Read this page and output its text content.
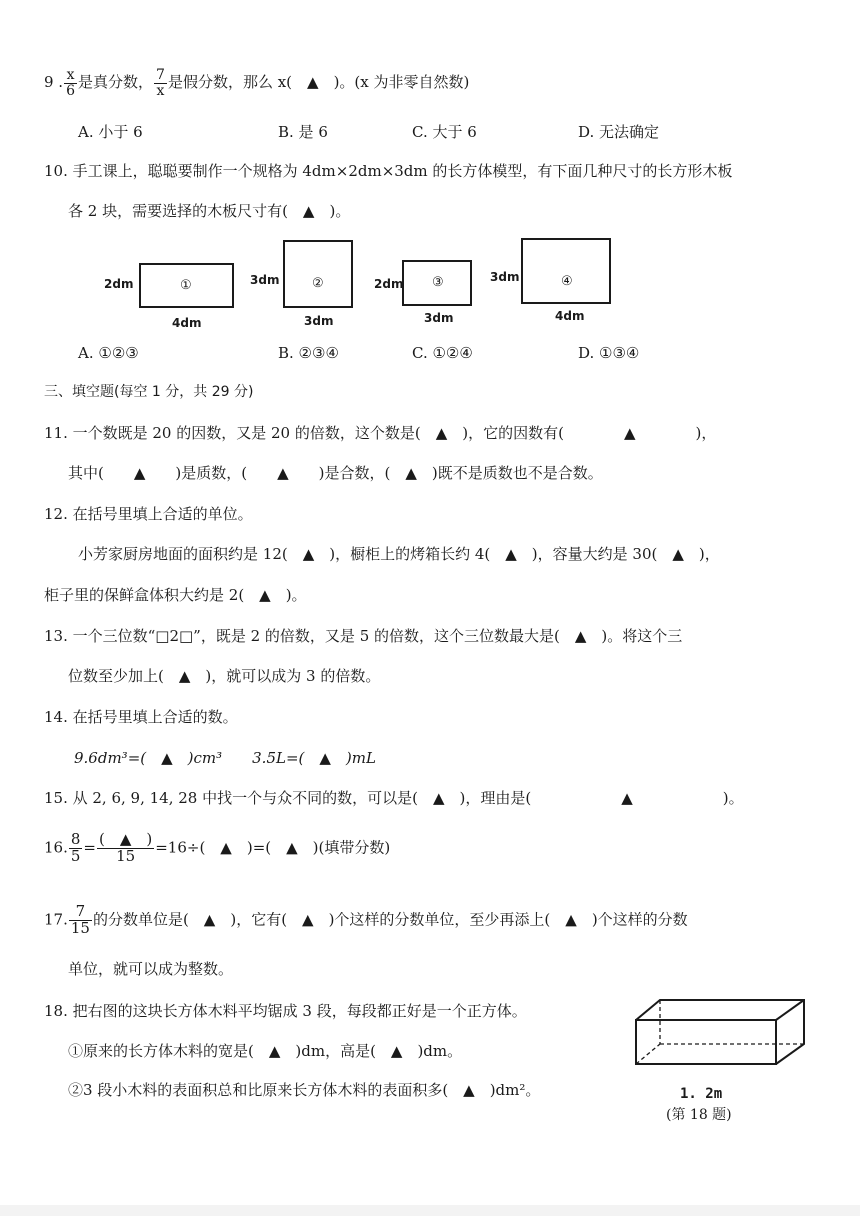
9 . $\frac{x}{6}$ 是真分数， $\frac{7}{x}$ 是假分数，那么 x(　▲　)。(x 为非零自然数)
A. 小于 6	B. 是 6	C. 大于 6	D. 无法确定
10. 手工课上，聪聪要制作一个规格为 4dm×2dm×3dm 的长方体模型，有下面几种尺寸的长方形木板
各 2 块，需要选择的木板尺寸有(　▲　)。
2dm	①
4dm
3dm	②
3dm
2dm ③
3dm
3dm	④
4dm
A. ①②③	B. ②③④	C. ①②④	D. ①③④
三、填空题(每空 1 分，共 29 分)
11. 一个数既是 20 的因数，又是 20 的倍数，这个数是(　▲　)，它的因数有(　　　　▲　　　　)，
其中(　　▲　　)是质数，(　　▲　　)是合数，(　▲　)既不是质数也不是合数。
12. 在括号里填上合适的单位。
小芳家厨房地面的面积约是 12(　▲　)，橱柜上的烤箱长约 4(　▲　)，容量大约是 30(　▲　)，
柜子里的保鲜盒体积大约是 2(　▲　)。
13. 一个三位数“□2□”，既是 2 的倍数，又是 5 的倍数，这个三位数最大是(　▲　)。将这个三
位数至少加上(　▲　)，就可以成为 3 的倍数。
14. 在括号里填上合适的数。
9.6dm³=(　▲　)cm³　　3.5L=(　▲　)mL
15. 从 2, 6, 9, 14, 28 中找一个与众不同的数，可以是(　▲　)，理由是(　　　　　　▲　　　　　　)。
16. $\frac{8}{5} = \frac{( ▲ )}{15} =16\div$(　▲　)=(　▲　)(填带分数)
17. $\frac{7}{15}$ 的分数单位是(　▲　)，它有(　▲　)个这样的分数单位，至少再添上(　▲　)个这样的分数
单位，就可以成为整数。
18. 把右图的这块长方体木料平均锯成 3 段，每段都正好是一个正方体。
①原来的长方体木料的宽是(　▲　)dm，高是(　▲　)dm。
②3 段小木料的表面积总和比原来长方体木料的表面积多(　▲　)dm²。	1. 2m
(第 18 题)
